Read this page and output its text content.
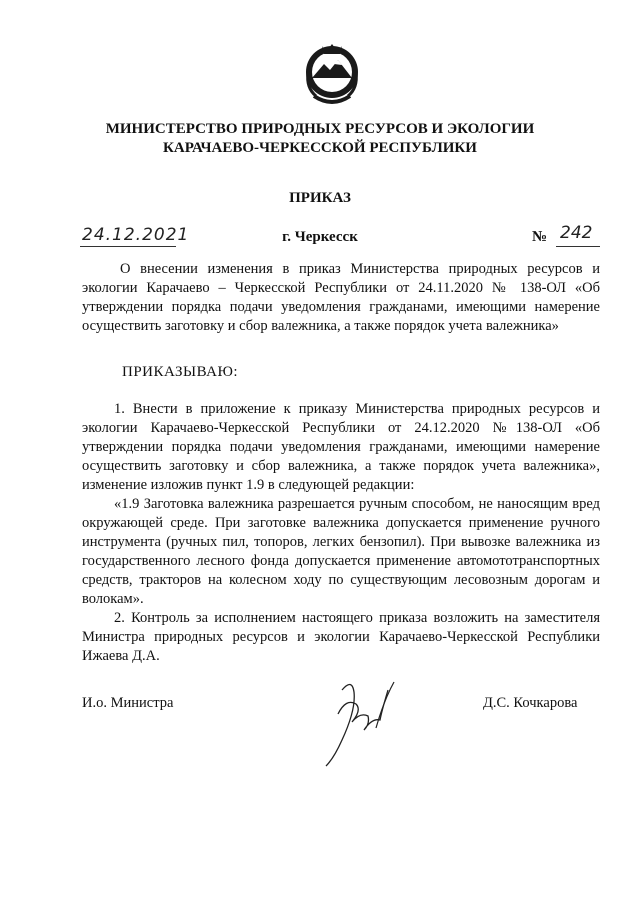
МИНИСТЕРСТВО ПРИРОДНЫХ РЕСУРСОВ И ЭКОЛОГИИ
КАРАЧАЕВО-ЧЕРКЕССКОЙ РЕСПУБЛИКИ
ПРИКАЗ
24.12.2021	г. Черкесск	№ 242
О внесении изменения в приказ Министерства природных ресурсов и экологии Карачаево – Черкесской Республики от 24.11.2020 № 138-ОЛ «Об утверждении порядка подачи уведомления гражданами, имеющими намерение осуществить заготовку и сбор валежника, а также порядок учета валежника»
ПРИКАЗЫВАЮ:

1. Внести в приложение к приказу Министерства природных ресурсов и экологии Карачаево-Черкесской Республики от 24.12.2020 №138-ОЛ «Об утверждении порядка подачи уведомления гражданами, имеющими намерение осуществить заготовку и сбор валежника, а также порядок учета валежника», изменение изложив пункт 1.9 в следующей редакции:

«1.9 Заготовка валежника разрешается ручным способом, не наносящим вред окружающей среде. При заготовке валежника допускается применение ручного инструмента (ручных пил, топоров, легких бензопил). При вывозке валежника из государственного лесного фонда допускается применение автомототранспортных средств, тракторов на колесном ходу по существующим лесовозным дорогам и волокам».

2. Контроль за исполнением настоящего приказа возложить на заместителя Министра природных ресурсов и экологии Карачаево-Черкесской Республики Ижаева Д.А.

И.о. Министра	Д.С. Кочкарова
